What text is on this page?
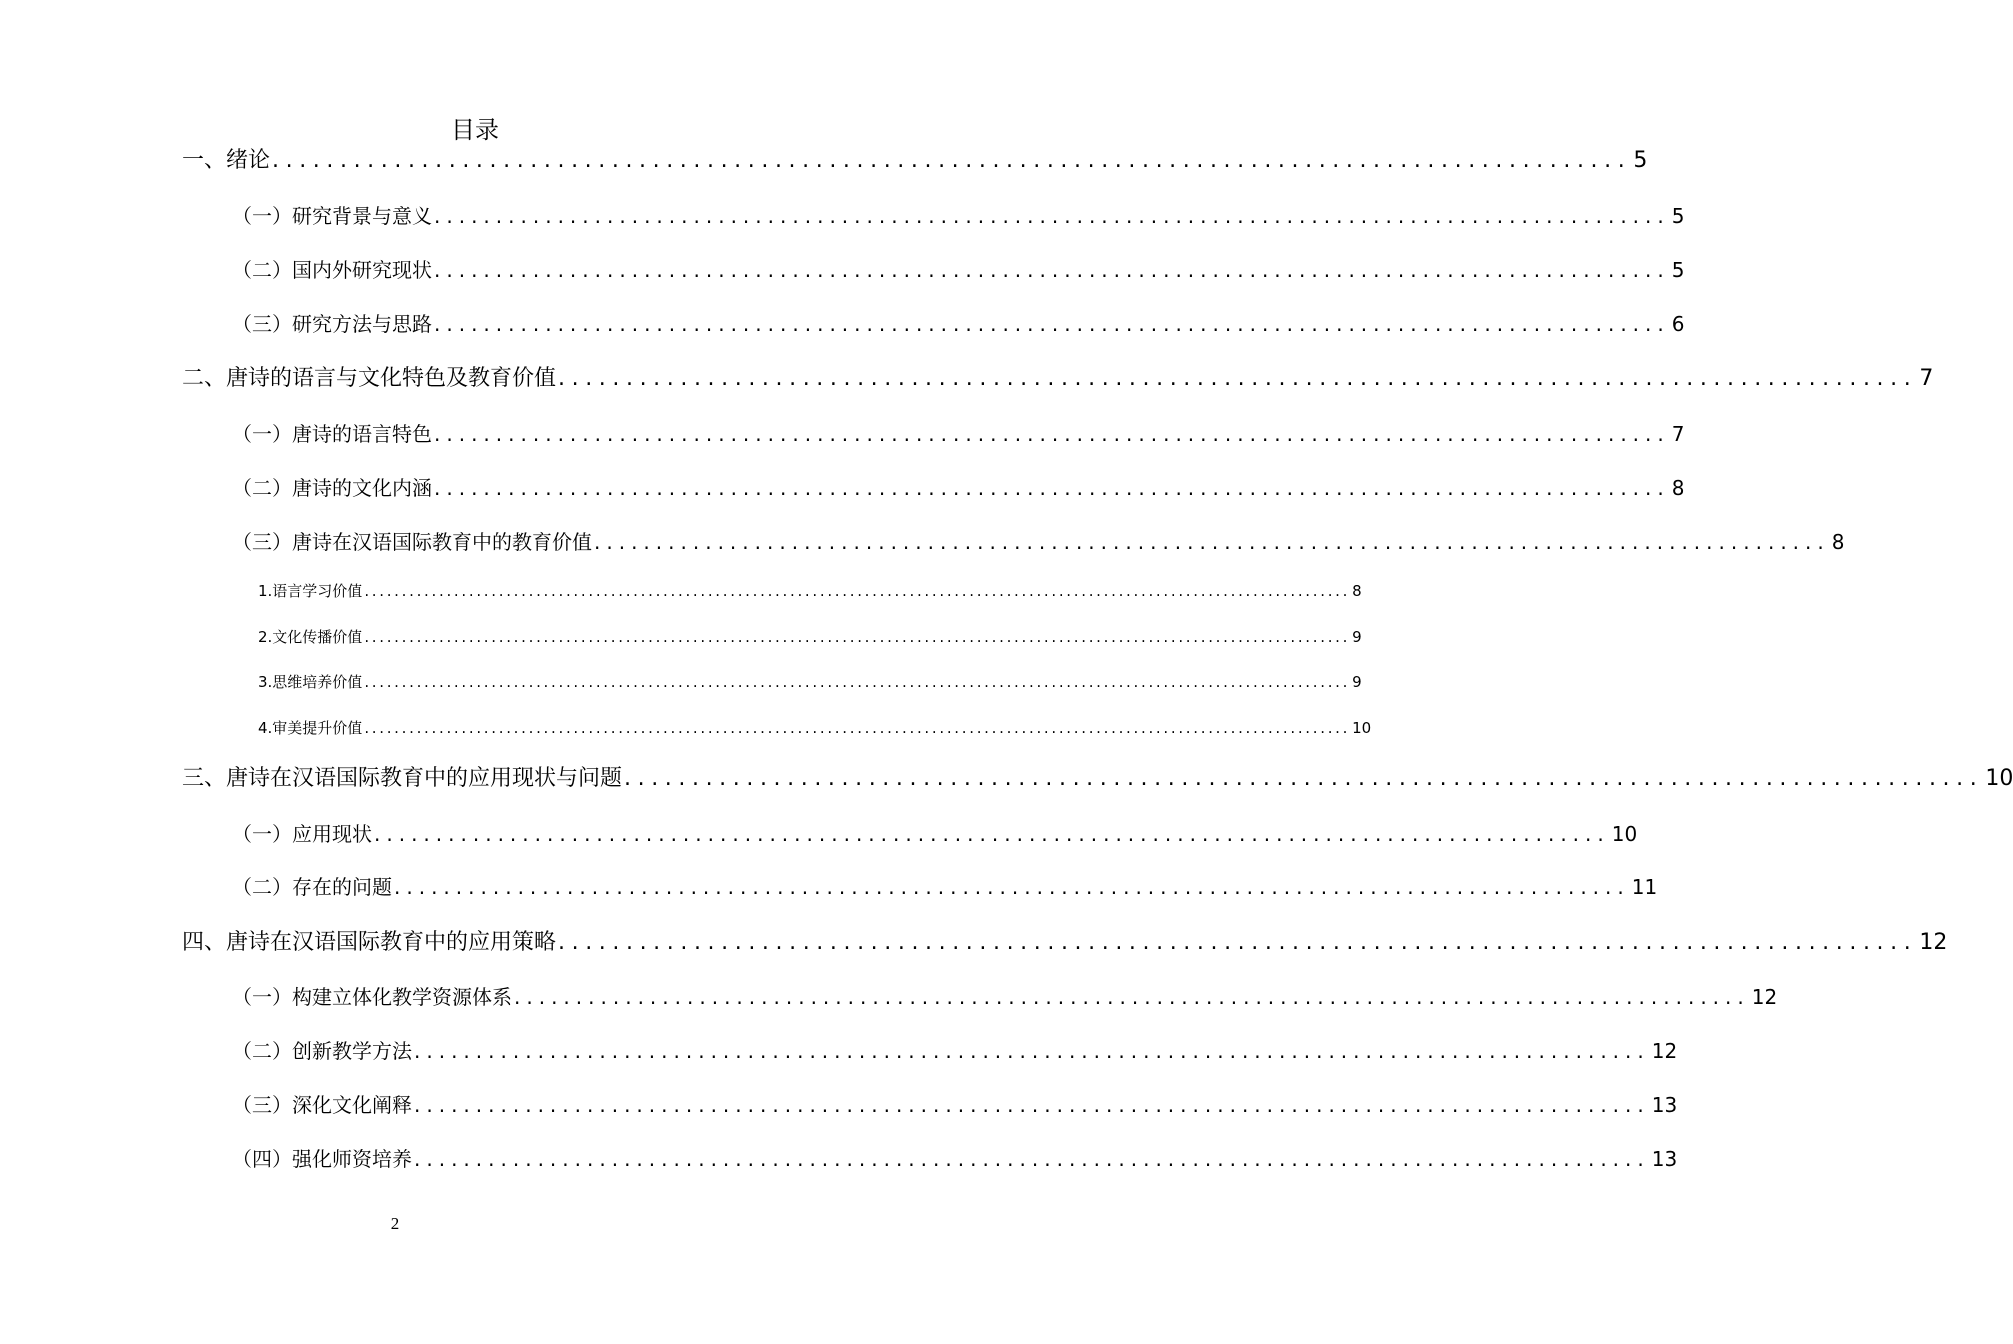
目录
一、绪论 .................................................................................................... 5
（一）研究背景与意义 .................................................................................................... 5
（二）国内外研究现状 .................................................................................................... 5
（三）研究方法与思路 .................................................................................................... 6
二、唐诗的语言与文化特色及教育价值 .................................................................................................... 7
（一）唐诗的语言特色 .................................................................................................... 7
（二）唐诗的文化内涵 .................................................................................................... 8
（三）唐诗在汉语国际教育中的教育价值 .................................................................................................... 8
1.语言学习价值 .................................................................................................................................... 8
2.文化传播价值 .................................................................................................................................... 9
3.思维培养价值 .................................................................................................................................... 9
4.审美提升价值 .................................................................................................................................... 10
三、唐诗在汉语国际教育中的应用现状与问题 .................................................................................................... 10
（一）应用现状 .................................................................................................... 10
（二）存在的问题 .................................................................................................... 11
四、唐诗在汉语国际教育中的应用策略 .................................................................................................... 12
（一）构建立体化教学资源体系 .................................................................................................... 12
（二）创新教学方法 .................................................................................................... 12
（三）深化文化阐释 .................................................................................................... 13
（四）强化师资培养 .................................................................................................... 13
2
